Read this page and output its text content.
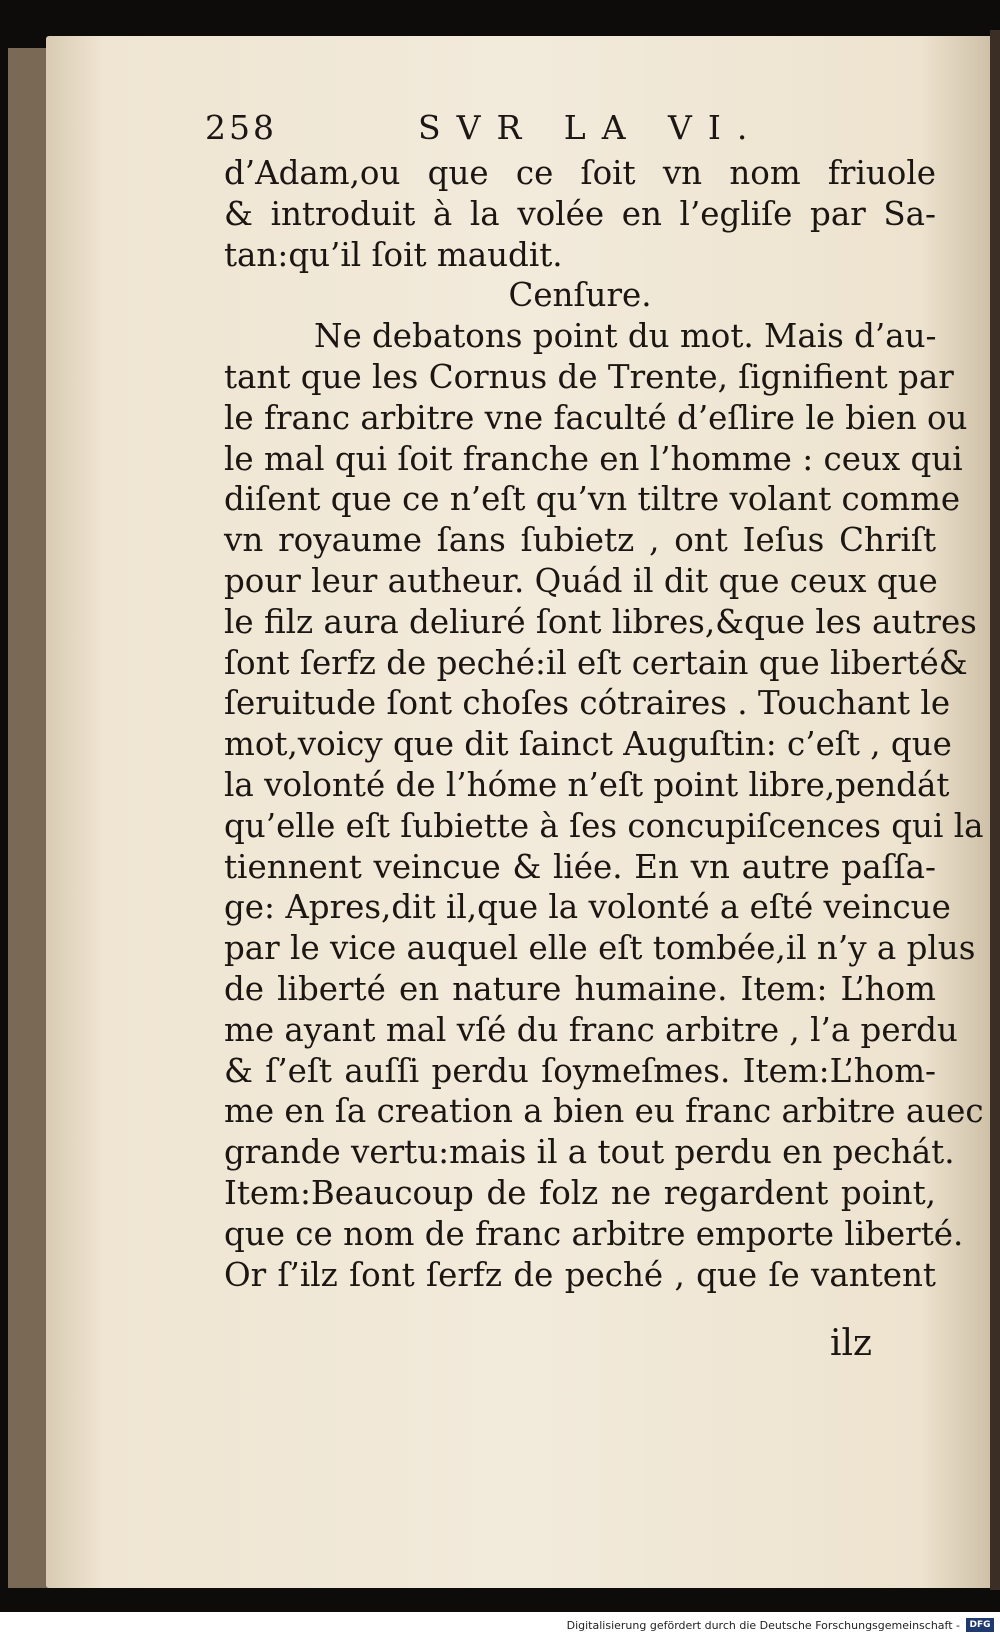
258	SVR LA VI.
d’Adam,ou que ce ſoit vn nom friuole
& introduit à la volée en l’egliſe par Sa-
tan:qu’il ſoit maudit.
Cenſure.
Ne debatons point du mot. Mais d’au-
tant que les Cornus de Trente, ſignifient par
le franc arbitre vne faculté d’eſlire le bien ou
le mal qui ſoit franche en l’homme : ceux qui
diſent que ce n’eſt qu’vn tiltre volant comme
vn royaume ſans ſubietz , ont Ieſus Chriſt
pour leur autheur. Quád il dit que ceux que
le filz aura deliuré ſont libres,&que les autres
ſont ſerfz de peché:il eſt certain que liberté&
ſeruitude ſont choſes cótraires . Touchant le
mot,voicy que dit ſainct Auguſtin: c’eſt , que
la volonté de l’hóme n’eſt point libre,pendát
qu’elle eſt ſubiette à ſes concupiſcences qui la
tiennent veincue & liée. En vn autre paſſa-
ge: Apres,dit il,que la volonté a eſté veincue
par le vice auquel elle eſt tombée,il n’y a plus
de liberté en nature humaine. Item: L’hom
me ayant mal vſé du franc arbitre , l’a perdu
& ſ’eſt auſſi perdu ſoymeſmes. Item:L’hom-
me en ſa creation a bien eu franc arbitre auec
grande vertu:mais il a tout perdu en pechát.
Item:Beaucoup de folz ne regardent point,
que ce nom de franc arbitre emporte liberté.
Or ſ’ilz ſont ſerfz de peché , que ſe vantent
ilz
Digitalisierung gefördert durch die Deutsche Forschungsgemeinschaft -	DFG
